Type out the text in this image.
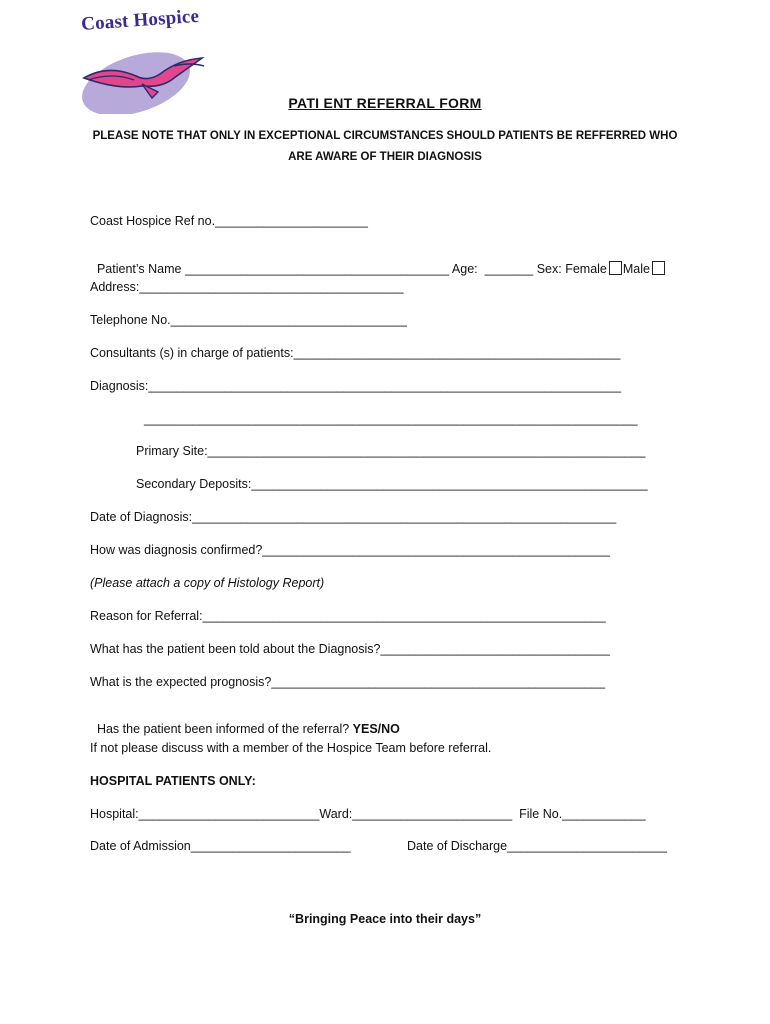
Coast Hospice
PATI ENT REFERRAL FORM
PLEASE NOTE THAT ONLY IN EXCEPTIONAL CIRCUMSTANCES SHOULD PATIENTS BE REFFERRED WHO
ARE AWARE OF THEIR DIAGNOSIS
Coast Hospice Ref no.______________________

Patient’s Name ______________________________________ Age:  _______ Sex: Female Male

Address:______________________________________
Telephone No.__________________________________
Consultants (s) in charge of patients:_______________________________________________
Diagnosis:____________________________________________________________________
_______________________________________________________________________
Primary Site:_______________________________________________________________
Secondary Deposits:_________________________________________________________
Date of Diagnosis:_____________________________________________________________
How was diagnosis confirmed?__________________________________________________
(Please attach a copy of Histology Report)
Reason for Referral:__________________________________________________________
What has the patient been told about the Diagnosis?_________________________________
What is the expected prognosis?________________________________________________

Has the patient been informed of the referral? YES/NO

If not please discuss with a member of the Hospice Team before referral.
HOSPITAL PATIENTS ONLY:
Hospital:__________________________Ward:_______________________  File No.____________
Date of Admission_______________________	Date of Discharge_______________________
“Bringing Peace into their days”
